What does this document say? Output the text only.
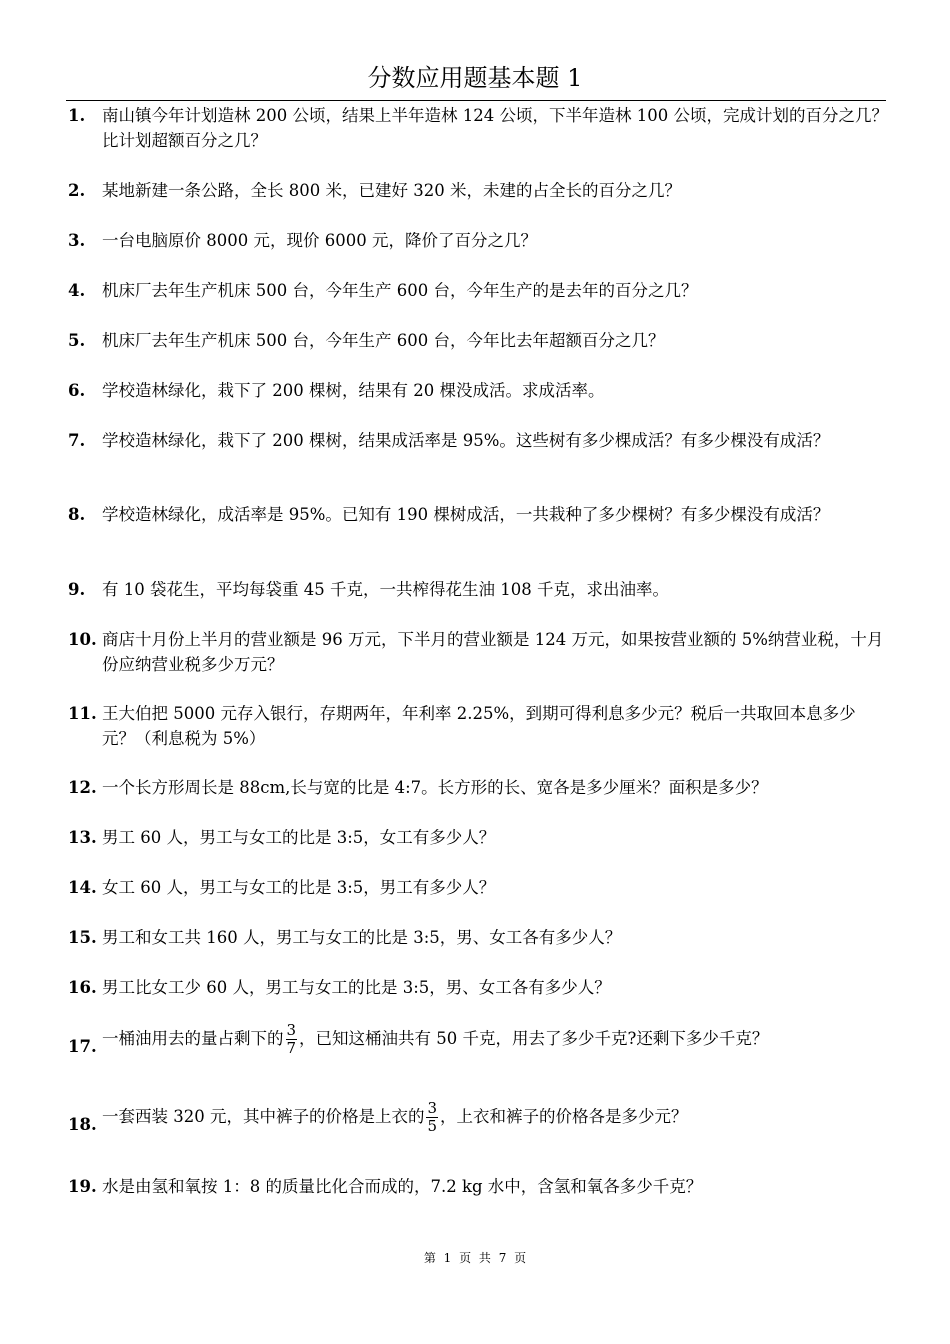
分数应用题基本题 1
1.	南山镇今年计划造林 200 公顷，结果上半年造林 124 公顷，下半年造林 100 公顷，完成计划的百分之几？比计划超额百分之几？
2.	某地新建一条公路，全长 800 米，已建好 320 米，未建的占全长的百分之几？
3.	一台电脑原价 8000 元，现价 6000 元，降价了百分之几？
4.	机床厂去年生产机床 500 台，今年生产 600 台，今年生产的是去年的百分之几？
5.	机床厂去年生产机床 500 台，今年生产 600 台，今年比去年超额百分之几？
6.	学校造林绿化，栽下了 200 棵树，结果有 20 棵没成活。求成活率。
7.	学校造林绿化，栽下了 200 棵树，结果成活率是 95%。这些树有多少棵成活？有多少棵没有成活？
8.	学校造林绿化，成活率是 95%。已知有 190 棵树成活，一共栽种了多少棵树？有多少棵没有成活？
9.	有 10 袋花生，平均每袋重 45 千克，一共榨得花生油 108 千克，求出油率。
10. 商店十月份上半月的营业额是 96 万元，下半月的营业额是 124 万元，如果按营业额的 5%纳营业税，十月份应纳营业税多少万元？
11. 王大伯把 5000 元存入银行，存期两年，年利率 2.25%，到期可得利息多少元？税后一共取回本息多少元？（利息税为 5%）
12. 一个长方形周长是 88cm,长与宽的比是 4:7。长方形的长、宽各是多少厘米？面积是多少？
13. 男工 60 人，男工与女工的比是 3:5，女工有多少人？
14. 女工 60 人，男工与女工的比是 3:5，男工有多少人？
15. 男工和女工共 160 人，男工与女工的比是 3:5，男、女工各有多少人？
16. 男工比女工少 60 人，男工与女工的比是 3:5，男、女工各有多少人？
17. 一桶油用去的量占剩下的 $\frac{3}{7}$ ，已知这桶油共有 50 千克，用去了多少千克?还剩下多少千克？
18. 一套西装 320 元，其中裤子的价格是上衣的 $\frac{3}{5}$ ，上衣和裤子的价格各是多少元？
19. 水是由氢和氧按 1：8 的质量比化合而成的，7.2 kg 水中，含氢和氧各多少千克？
第 1 页 共 7 页
